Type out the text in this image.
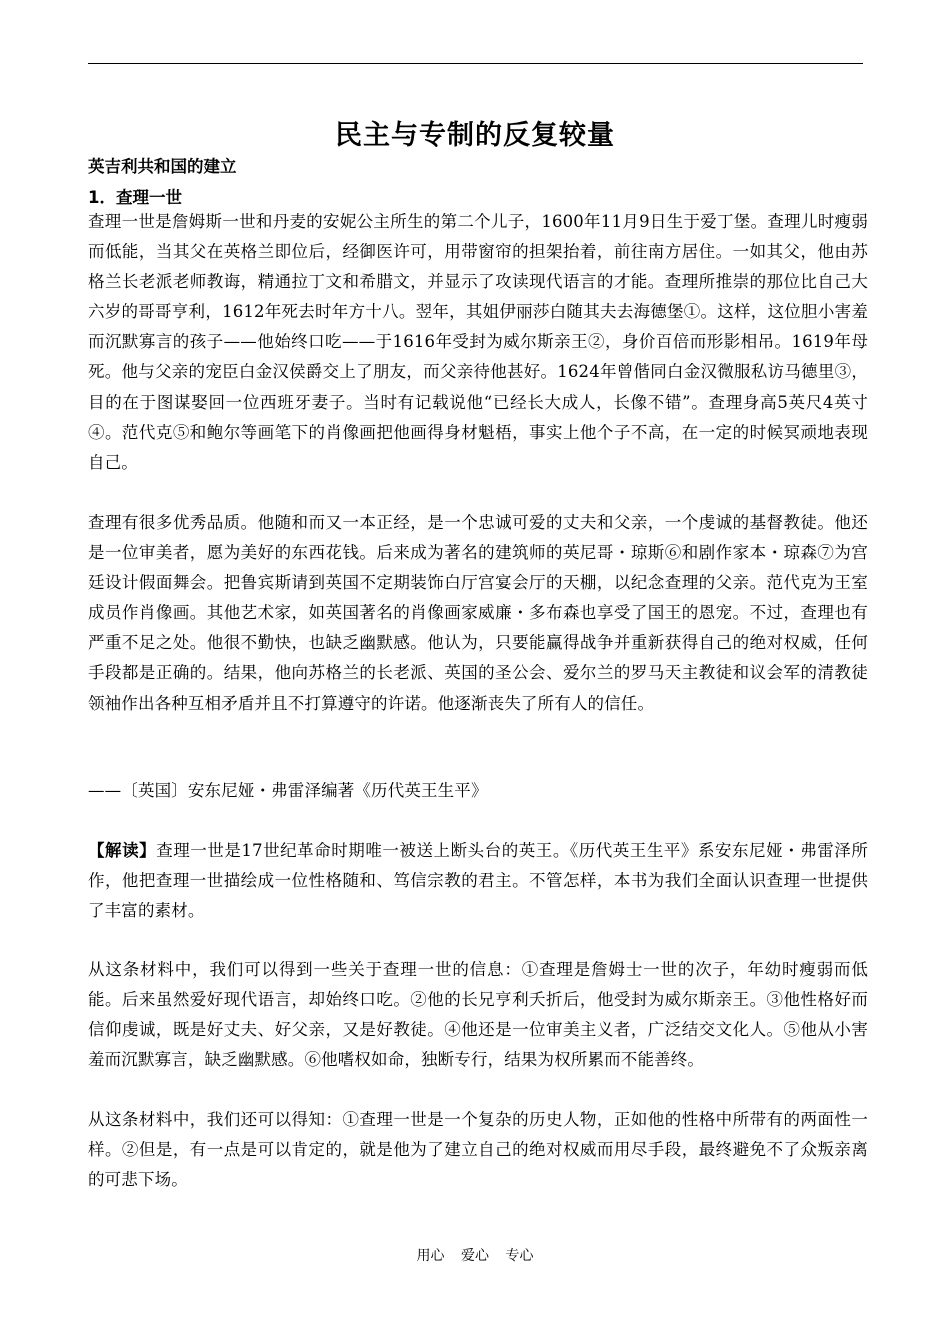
民主与专制的反复较量
英吉利共和国的建立
1．查理一世
查理一世是詹姆斯一世和丹麦的安妮公主所生的第二个儿子，1600年11月9日生于爱丁堡。查理儿时瘦弱而低能，当其父在英格兰即位后，经御医许可，用带窗帘的担架抬着，前往南方居住。一如其父，他由苏格兰长老派老师教诲，精通拉丁文和希腊文，并显示了攻读现代语言的才能。查理所推崇的那位比自己大六岁的哥哥亨利，1612年死去时年方十八。翌年，其姐伊丽莎白随其夫去海德堡①。这样，这位胆小害羞而沉默寡言的孩子——他始终口吃——于1616年受封为威尔斯亲王②，身价百倍而形影相吊。1619年母死。他与父亲的宠臣白金汉侯爵交上了朋友，而父亲待他甚好。1624年曾偕同白金汉微服私访马德里③，目的在于图谋娶回一位西班牙妻子。当时有记载说他“已经长大成人，长像不错”。查理身高5英尺4英寸④。范代克⑤和鲍尔等画笔下的肖像画把他画得身材魁梧，事实上他个子不高，在一定的时候冥顽地表现自己。
查理有很多优秀品质。他随和而又一本正经，是一个忠诚可爱的丈夫和父亲，一个虔诚的基督教徒。他还是一位审美者，愿为美好的东西花钱。后来成为著名的建筑师的英尼哥・琼斯⑥和剧作家本・琼森⑦为宫廷设计假面舞会。把鲁宾斯请到英国不定期装饰白厅宫宴会厅的天棚，以纪念查理的父亲。范代克为王室成员作肖像画。其他艺术家，如英国著名的肖像画家威廉・多布森也享受了国王的恩宠。不过，查理也有严重不足之处。他很不勤快，也缺乏幽默感。他认为，只要能赢得战争并重新获得自己的绝对权威，任何手段都是正确的。结果，他向苏格兰的长老派、英国的圣公会、爱尔兰的罗马天主教徒和议会军的清教徒领袖作出各种互相矛盾并且不打算遵守的许诺。他逐渐丧失了所有人的信任。
——〔英国〕安东尼娅・弗雷泽编著《历代英王生平》
【解读】查理一世是17世纪革命时期唯一被送上断头台的英王。《历代英王生平》系安东尼娅・弗雷泽所作，他把查理一世描绘成一位性格随和、笃信宗教的君主。不管怎样，本书为我们全面认识查理一世提供了丰富的素材。
从这条材料中，我们可以得到一些关于查理一世的信息：①查理是詹姆士一世的次子，年幼时瘦弱而低能。后来虽然爱好现代语言，却始终口吃。②他的长兄亨利夭折后，他受封为威尔斯亲王。③他性格好而信仰虔诚，既是好丈夫、好父亲，又是好教徒。④他还是一位审美主义者，广泛结交文化人。⑤他从小害羞而沉默寡言，缺乏幽默感。⑥他嗜权如命，独断专行，结果为权所累而不能善终。
从这条材料中，我们还可以得知：①查理一世是一个复杂的历史人物，正如他的性格中所带有的两面性一样。②但是，有一点是可以肯定的，就是他为了建立自己的绝对权威而用尽手段，最终避免不了众叛亲离的可悲下场。
用心 爱心 专心
